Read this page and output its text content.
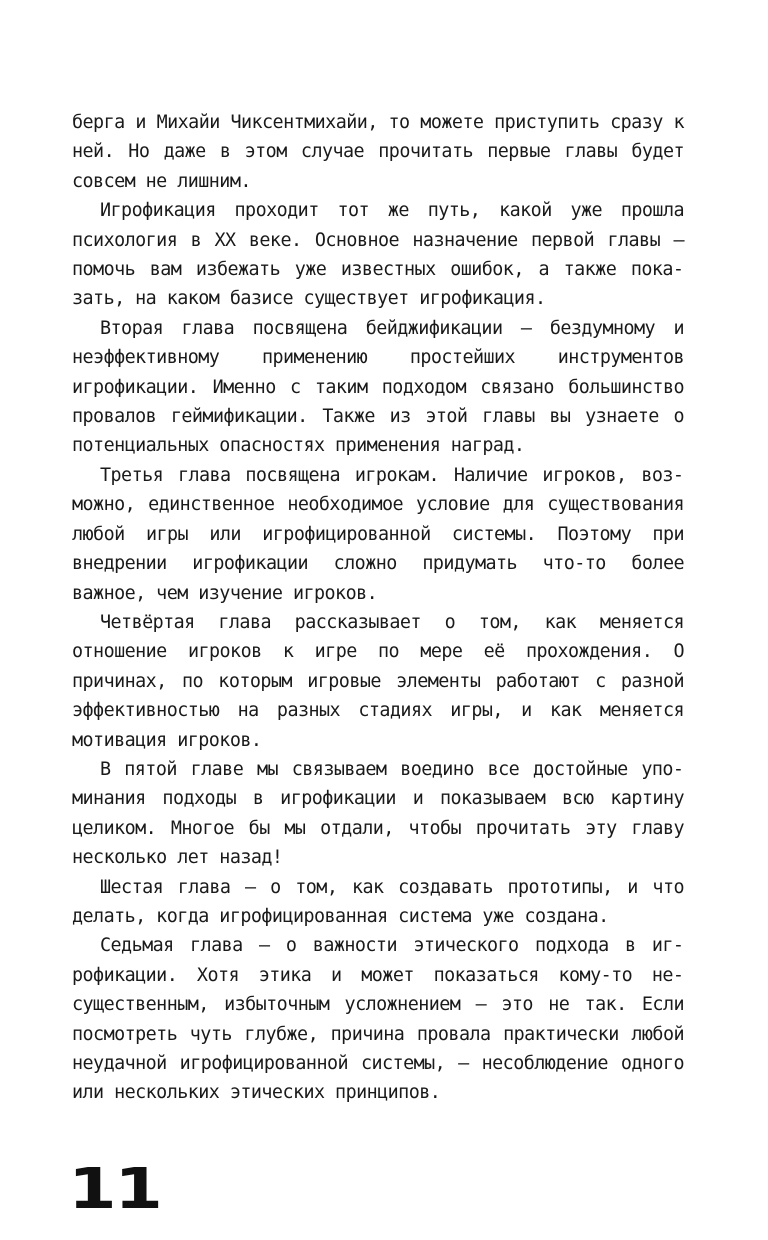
берга и Михайи Чиксентмихайи, то можете приступить сразу к ней. Но даже в этом случае прочитать первые главы будет совсем не лишним.

Игрофикация проходит тот же путь, какой уже прошла психология в XX веке. Основное назначение первой главы — помочь вам избежать уже известных ошибок, а также показать, на каком базисе существует игрофикация.

Вторая глава посвящена бейджификации — бездумному и неэффективному применению простейших инструментов игрофикации. Именно с таким подходом связано большинство провалов геймификации. Также из этой главы вы узнаете о потенциальных опасностях применения наград.

Третья глава посвящена игрокам. Наличие игроков, возможно, единственное необходимое условие для существования любой игры или игрофицированной системы. Поэтому при внедрении игрофикации сложно придумать что-то более важное, чем изучение игроков.

Четвёртая глава рассказывает о том, как меняется отношение игроков к игре по мере её прохождения. О причинах, по которым игровые элементы работают с разной эффективностью на разных стадиях игры, и как меняется мотивация игроков.

В пятой главе мы связываем воедино все достойные упоминания подходы в игрофикации и показываем всю картину целиком. Многое бы мы отдали, чтобы прочитать эту главу несколько лет назад!

Шестая глава — о том, как создавать прототипы, и что делать, когда игрофицированная система уже создана.

Седьмая глава — о важности этического подхода в игрофикации. Хотя этика и может показаться кому-то несущественным, избыточным усложнением — это не так. Если посмотреть чуть глубже, причина провала практически любой неудачной игрофицированной системы, — несоблюдение одного или нескольких этических принципов.

11
